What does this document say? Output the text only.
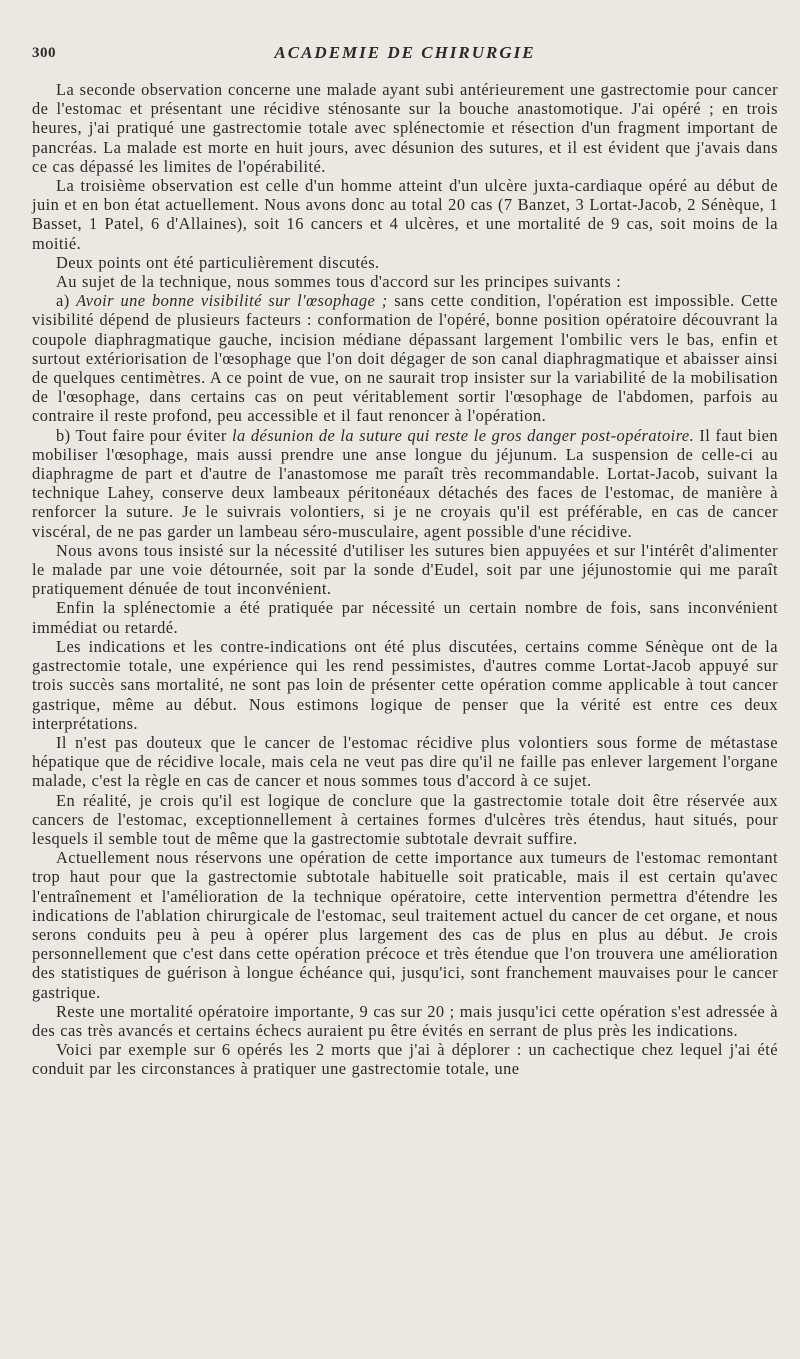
300	ACADEMIE DE CHIRURGIE

La seconde observation concerne une malade ayant subi antérieurement une gastrectomie pour cancer de l'estomac et présentant une récidive sténosante sur la bouche anastomotique. J'ai opéré ; en trois heures, j'ai pratiqué une gastrectomie totale avec splénectomie et résection d'un fragment important de pancréas. La malade est morte en huit jours, avec désunion des sutures, et il est évident que j'avais dans ce cas dépassé les limites de l'opérabilité.

La troisième observation est celle d'un homme atteint d'un ulcère juxta-cardiaque opéré au début de juin et en bon état actuellement. Nous avons donc au total 20 cas (7 Banzet, 3 Lortat-Jacob, 2 Sénèque, 1 Basset, 1 Patel, 6 d'Allaines), soit 16 cancers et 4 ulcères, et une mortalité de 9 cas, soit moins de la moitié.

Deux points ont été particulièrement discutés.

Au sujet de la technique, nous sommes tous d'accord sur les principes suivants :

a) Avoir une bonne visibilité sur l'œsophage ; sans cette condition, l'opération est impossible. Cette visibilité dépend de plusieurs facteurs : conformation de l'opéré, bonne position opératoire découvrant la coupole diaphragmatique gauche, incision médiane dépassant largement l'ombilic vers le bas, enfin et surtout extériorisation de l'œsophage que l'on doit dégager de son canal diaphragmatique et abaisser ainsi de quelques centimètres. A ce point de vue, on ne saurait trop insister sur la variabilité de la mobilisation de l'œsophage, dans certains cas on peut véritablement sortir l'œsophage de l'abdomen, parfois au contraire il reste profond, peu accessible et il faut renoncer à l'opération.

b) Tout faire pour éviter la désunion de la suture qui reste le gros danger post-opératoire. Il faut bien mobiliser l'œsophage, mais aussi prendre une anse longue du jéjunum. La suspension de celle-ci au diaphragme de part et d'autre de l'anastomose me paraît très recommandable. Lortat-Jacob, suivant la technique Lahey, conserve deux lambeaux péritonéaux détachés des faces de l'estomac, de manière à renforcer la suture. Je le suivrais volontiers, si je ne croyais qu'il est préférable, en cas de cancer viscéral, de ne pas garder un lambeau séro-musculaire, agent possible d'une récidive.

Nous avons tous insisté sur la nécessité d'utiliser les sutures bien appuyées et sur l'intérêt d'alimenter le malade par une voie détournée, soit par la sonde d'Eudel, soit par une jéjunostomie qui me paraît pratiquement dénuée de tout inconvénient.

Enfin la splénectomie a été pratiquée par nécessité un certain nombre de fois, sans inconvénient immédiat ou retardé.

Les indications et les contre-indications ont été plus discutées, certains comme Sénèque ont de la gastrectomie totale, une expérience qui les rend pessimistes, d'autres comme Lortat-Jacob appuyé sur trois succès sans mortalité, ne sont pas loin de présenter cette opération comme applicable à tout cancer gastrique, même au début. Nous estimons logique de penser que la vérité est entre ces deux interprétations.

Il n'est pas douteux que le cancer de l'estomac récidive plus volontiers sous forme de métastase hépatique que de récidive locale, mais cela ne veut pas dire qu'il ne faille pas enlever largement l'organe malade, c'est la règle en cas de cancer et nous sommes tous d'accord à ce sujet.

En réalité, je crois qu'il est logique de conclure que la gastrectomie totale doit être réservée aux cancers de l'estomac, exceptionnellement à certaines formes d'ulcères très étendus, haut situés, pour lesquels il semble tout de même que la gastrectomie subtotale devrait suffire.

Actuellement nous réservons une opération de cette importance aux tumeurs de l'estomac remontant trop haut pour que la gastrectomie subtotale habituelle soit praticable, mais il est certain qu'avec l'entraînement et l'amélioration de la technique opératoire, cette intervention permettra d'étendre les indications de l'ablation chirurgicale de l'estomac, seul traitement actuel du cancer de cet organe, et nous serons conduits peu à peu à opérer plus largement des cas de plus en plus au début. Je crois personnellement que c'est dans cette opération précoce et très étendue que l'on trouvera une amélioration des statistiques de guérison à longue échéance qui, jusqu'ici, sont franchement mauvaises pour le cancer gastrique.

Reste une mortalité opératoire importante, 9 cas sur 20 ; mais jusqu'ici cette opération s'est adressée à des cas très avancés et certains échecs auraient pu être évités en serrant de plus près les indications.

Voici par exemple sur 6 opérés les 2 morts que j'ai à déplorer : un cachectique chez lequel j'ai été conduit par les circonstances à pratiquer une gastrectomie totale, une
